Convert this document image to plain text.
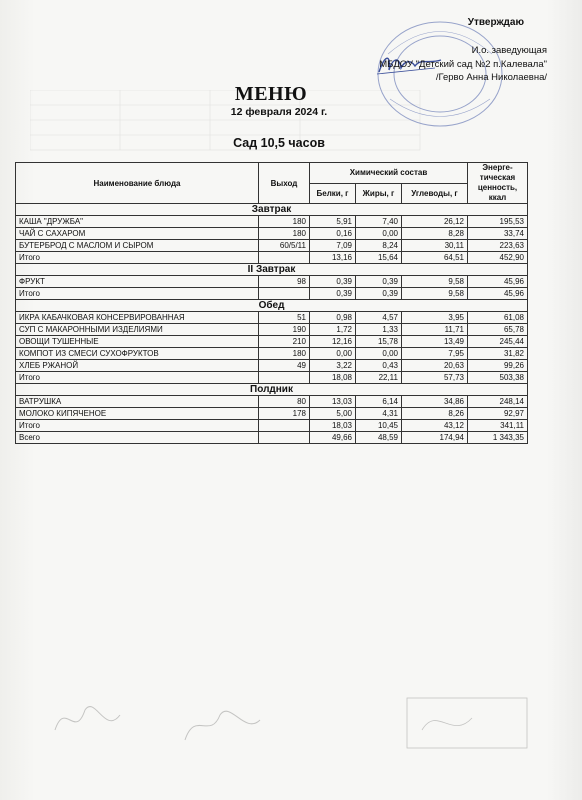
Утверждаю
И.о. заведующая
МБДОУ "Детский сад №2 п.Калевала"
/Герво Анна Николаевна/
МЕНЮ
12 февраля 2024 г.
Сад 10,5 часов
Наименование блюда	Выход	Химический состав			Энерге-тическая ценность, ккал
		Белки, г	Жиры, г	Углеводы, г	
Завтрак					
КАША "ДРУЖБА"	180	5,91	7,40	26,12	195,53
ЧАЙ С САХАРОМ	180	0,16	0,00	8,28	33,74
БУТЕРБРОД С МАСЛОМ И СЫРОМ	60/5/11	7,09	8,24	30,11	223,63
Итого		13,16	15,64	64,51	452,90
II Завтрак					
ФРУКТ	98	0,39	0,39	9,58	45,96
Итого		0,39	0,39	9,58	45,96
Обед					
ИКРА КАБАЧКОВАЯ КОНСЕРВИРОВАННАЯ	51	0,98	4,57	3,95	61,08
СУП С МАКАРОННЫМИ ИЗДЕЛИЯМИ	190	1,72	1,33	11,71	65,78
ОВОЩИ ТУШЕННЫЕ	210	12,16	15,78	13,49	245,44
КОМПОТ ИЗ СМЕСИ СУХОФРУКТОВ	180	0,00	0,00	7,95	31,82
ХЛЕБ РЖАНОЙ	49	3,22	0,43	20,63	99,26
Итого		18,08	22,11	57,73	503,38
Полдник					
ВАТРУШКА	80	13,03	6,14	34,86	248,14
МОЛОКО КИПЯЧЕНОЕ	178	5,00	4,31	8,26	92,97
Итого		18,03	10,45	43,12	341,11
Всего		49,66	48,59	174,94	1 343,35
